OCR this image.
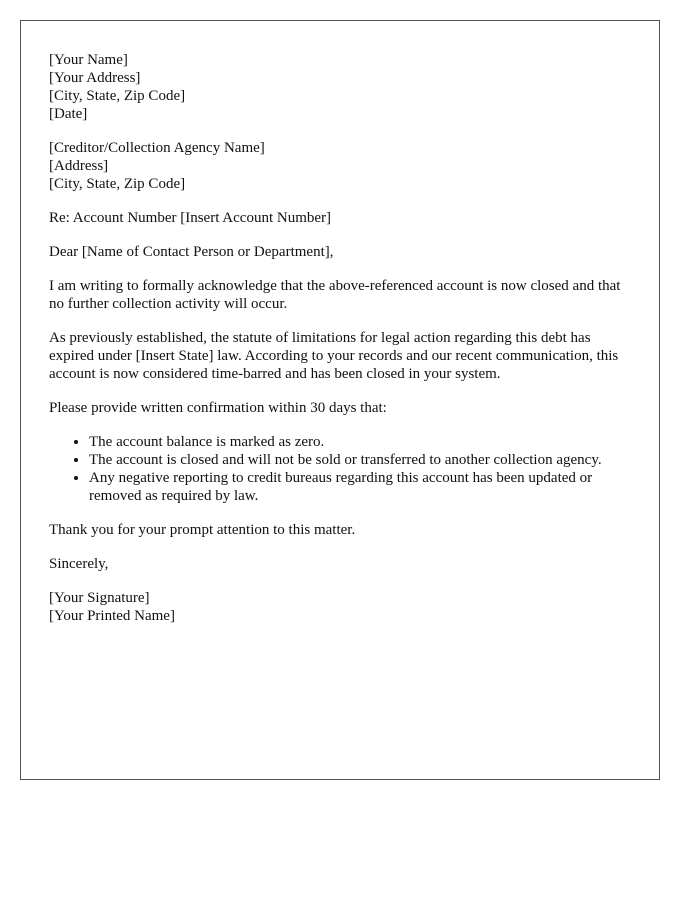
[Your Name]

[Your Address]

[City, State, Zip Code]

[Date]

[Creditor/Collection Agency Name]

[Address]

[City, State, Zip Code]

Re: Account Number [Insert Account Number]

Dear [Name of Contact Person or Department],

I am writing to formally acknowledge that the above-referenced account is now closed and that no further collection activity will occur.

As previously established, the statute of limitations for legal action regarding this debt has expired under [Insert State] law. According to your records and our recent communication, this account is now considered time-barred and has been closed in your system.

Please provide written confirmation within 30 days that:

• The account balance is marked as zero.
• The account is closed and will not be sold or transferred to another collection agency.
• Any negative reporting to credit bureaus regarding this account has been updated or removed as required by law.

Thank you for your prompt attention to this matter.

Sincerely,

[Your Signature]

[Your Printed Name]
